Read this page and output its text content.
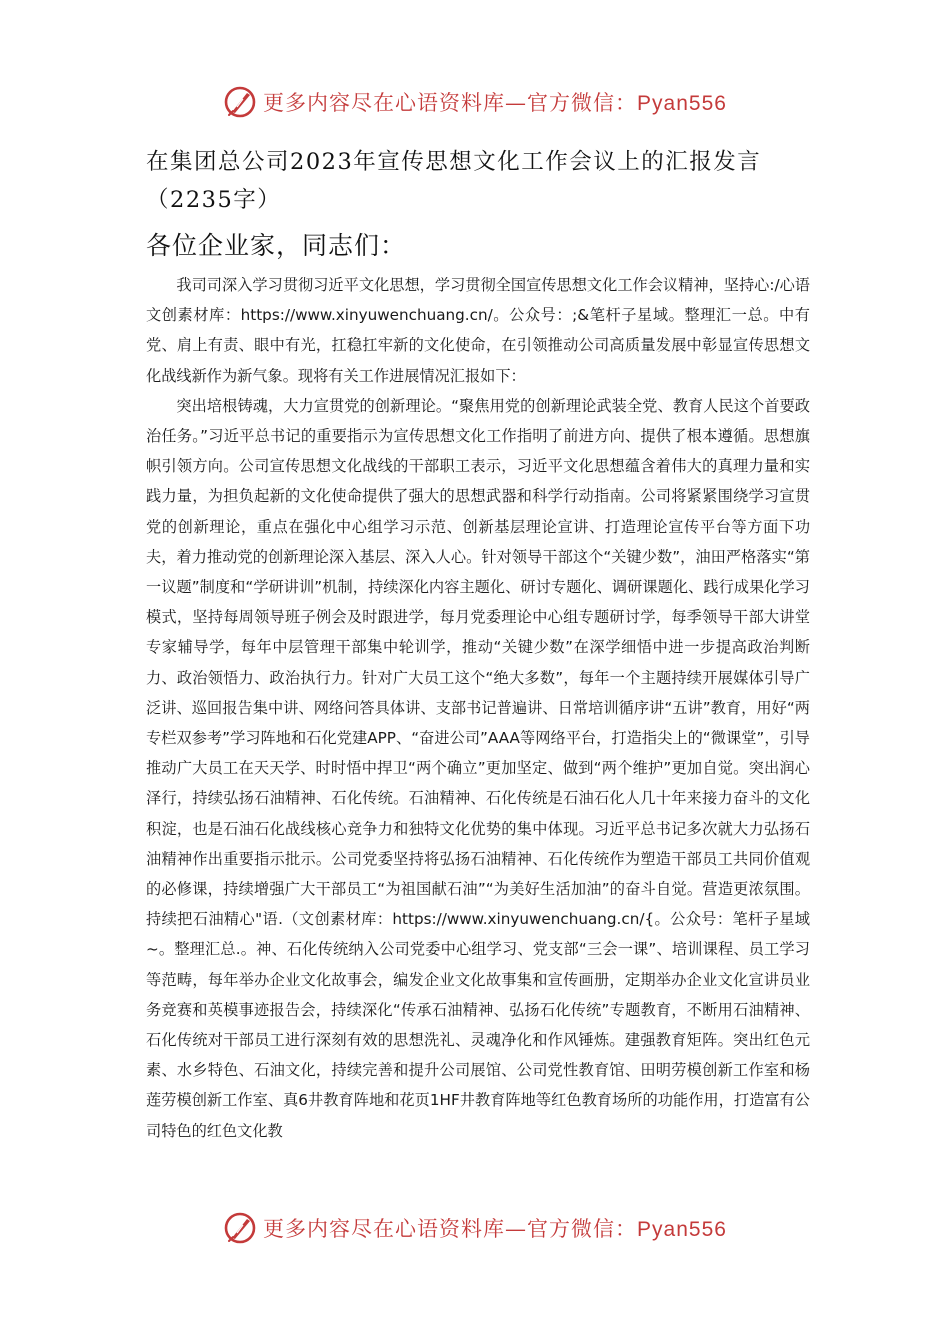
更多内容尽在心语资料库—官方微信：Pyan556
在集团总公司2023年宣传思想文化工作会议上的汇报发言（2235字）
各位企业家，同志们：

我司司深入学习贯彻习近平文化思想，学习贯彻全国宣传思想文化工作会议精神，坚持心:/心语文创素材库：https://www.xinyuwenchuang.cn/。公众号：;&笔杆子星域。整理汇一总。中有党、肩上有责、眼中有光，扛稳扛牢新的文化使命，在引领推动公司高质量发展中彰显宣传思想文化战线新作为新气象。现将有关工作进展情况汇报如下：

突出培根铸魂，大力宣贯党的创新理论。“聚焦用党的创新理论武装全党、教育人民这个首要政治任务。”习近平总书记的重要指示为宣传思想文化工作指明了前进方向、提供了根本遵循。思想旗帜引领方向。公司宣传思想文化战线的干部职工表示，习近平文化思想蕴含着伟大的真理力量和实践力量，为担负起新的文化使命提供了强大的思想武器和科学行动指南。公司将紧紧围绕学习宣贯党的创新理论，重点在强化中心组学习示范、创新基层理论宣讲、打造理论宣传平台等方面下功夫，着力推动党的创新理论深入基层、深入人心。针对领导干部这个“关键少数”，油田严格落实“第一议题”制度和“学研讲训”机制，持续深化内容主题化、研讨专题化、调研课题化、践行成果化学习模式，坚持每周领导班子例会及时跟进学，每月党委理论中心组专题研讨学，每季领导干部大讲堂专家辅导学，每年中层管理干部集中轮训学，推动“关键少数”在深学细悟中进一步提高政治判断力、政治领悟力、政治执行力。针对广大员工这个“绝大多数”，每年一个主题持续开展媒体引导广泛讲、巡回报告集中讲、网络问答具体讲、支部书记普遍讲、日常培训循序讲“五讲”教育，用好“两专栏双参考”学习阵地和石化党建APP、“奋进公司”AAA等网络平台，打造指尖上的“微课堂”，引导推动广大员工在天天学、时时悟中捍卫“两个确立”更加坚定、做到“两个维护”更加自觉。突出润心泽行，持续弘扬石油精神、石化传统。石油精神、石化传统是石油石化人几十年来接力奋斗的文化积淀，也是石油石化战线核心竞争力和独特文化优势的集中体现。习近平总书记多次就大力弘扬石油精神作出重要指示批示。公司党委坚持将弘扬石油精神、石化传统作为塑造干部员工共同价值观的必修课，持续增强广大干部员工“为祖国献石油”“为美好生活加油”的奋斗自觉。营造更浓氛围。持续把石油精心"语.（文创素材库：https://www.xinyuwenchuang.cn/{。公众号：笔杆子星域~。整理汇总.。神、石化传统纳入公司党委中心组学习、党支部“三会一课”、培训课程、员工学习等范畴，每年举办企业文化故事会，编发企业文化故事集和宣传画册，定期举办企业文化宣讲员业务竞赛和英模事迹报告会，持续深化“传承石油精神、弘扬石化传统”专题教育，不断用石油精神、石化传统对干部员工进行深刻有效的思想洗礼、灵魂净化和作风锤炼。建强教育矩阵。突出红色元素、水乡特色、石油文化，持续完善和提升公司展馆、公司党性教育馆、田明劳模创新工作室和杨莲劳模创新工作室、真6井教育阵地和花页1HF井教育阵地等红色教育场所的功能作用，打造富有公司特色的红色文化教

更多内容尽在心语资料库—官方微信：Pyan556
